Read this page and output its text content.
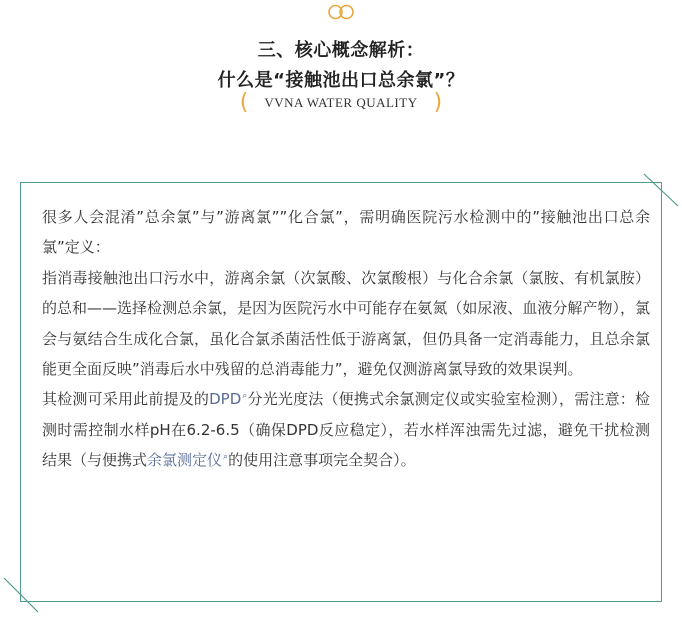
三、核心概念解析：
什么是“接触池出口总余氯”？
( VVNA WATER QUALITY )

很多人会混淆”总余氯”与”游离氯””化合氯”，需明确医院污水检测中的”接触池出口总余氯”定义：

指消毒接触池出口污水中，游离余氯（次氯酸、次氯酸根）与化合余氯（氯胺、有机氯胺）的总和——选择检测总余氯，是因为医院污水中可能存在氨氮（如尿液、血液分解产物），氯会与氨结合生成化合氯，虽化合氯杀菌活性低于游离氯，但仍具备一定消毒能力，且总余氯能更全面反映”消毒后水中残留的总消毒能力”，避免仅测游离氯导致的效果误判。

其检测可采用此前提及的DPD⌕分光光度法（便携式余氯测定仪或实验室检测），需注意：检测时需控制水样pH在6.2-6.5（确保DPD反应稳定），若水样浑浊需先过滤，避免干扰检测结果（与便携式余氯测定仪⌕的使用注意事项完全契合）。
